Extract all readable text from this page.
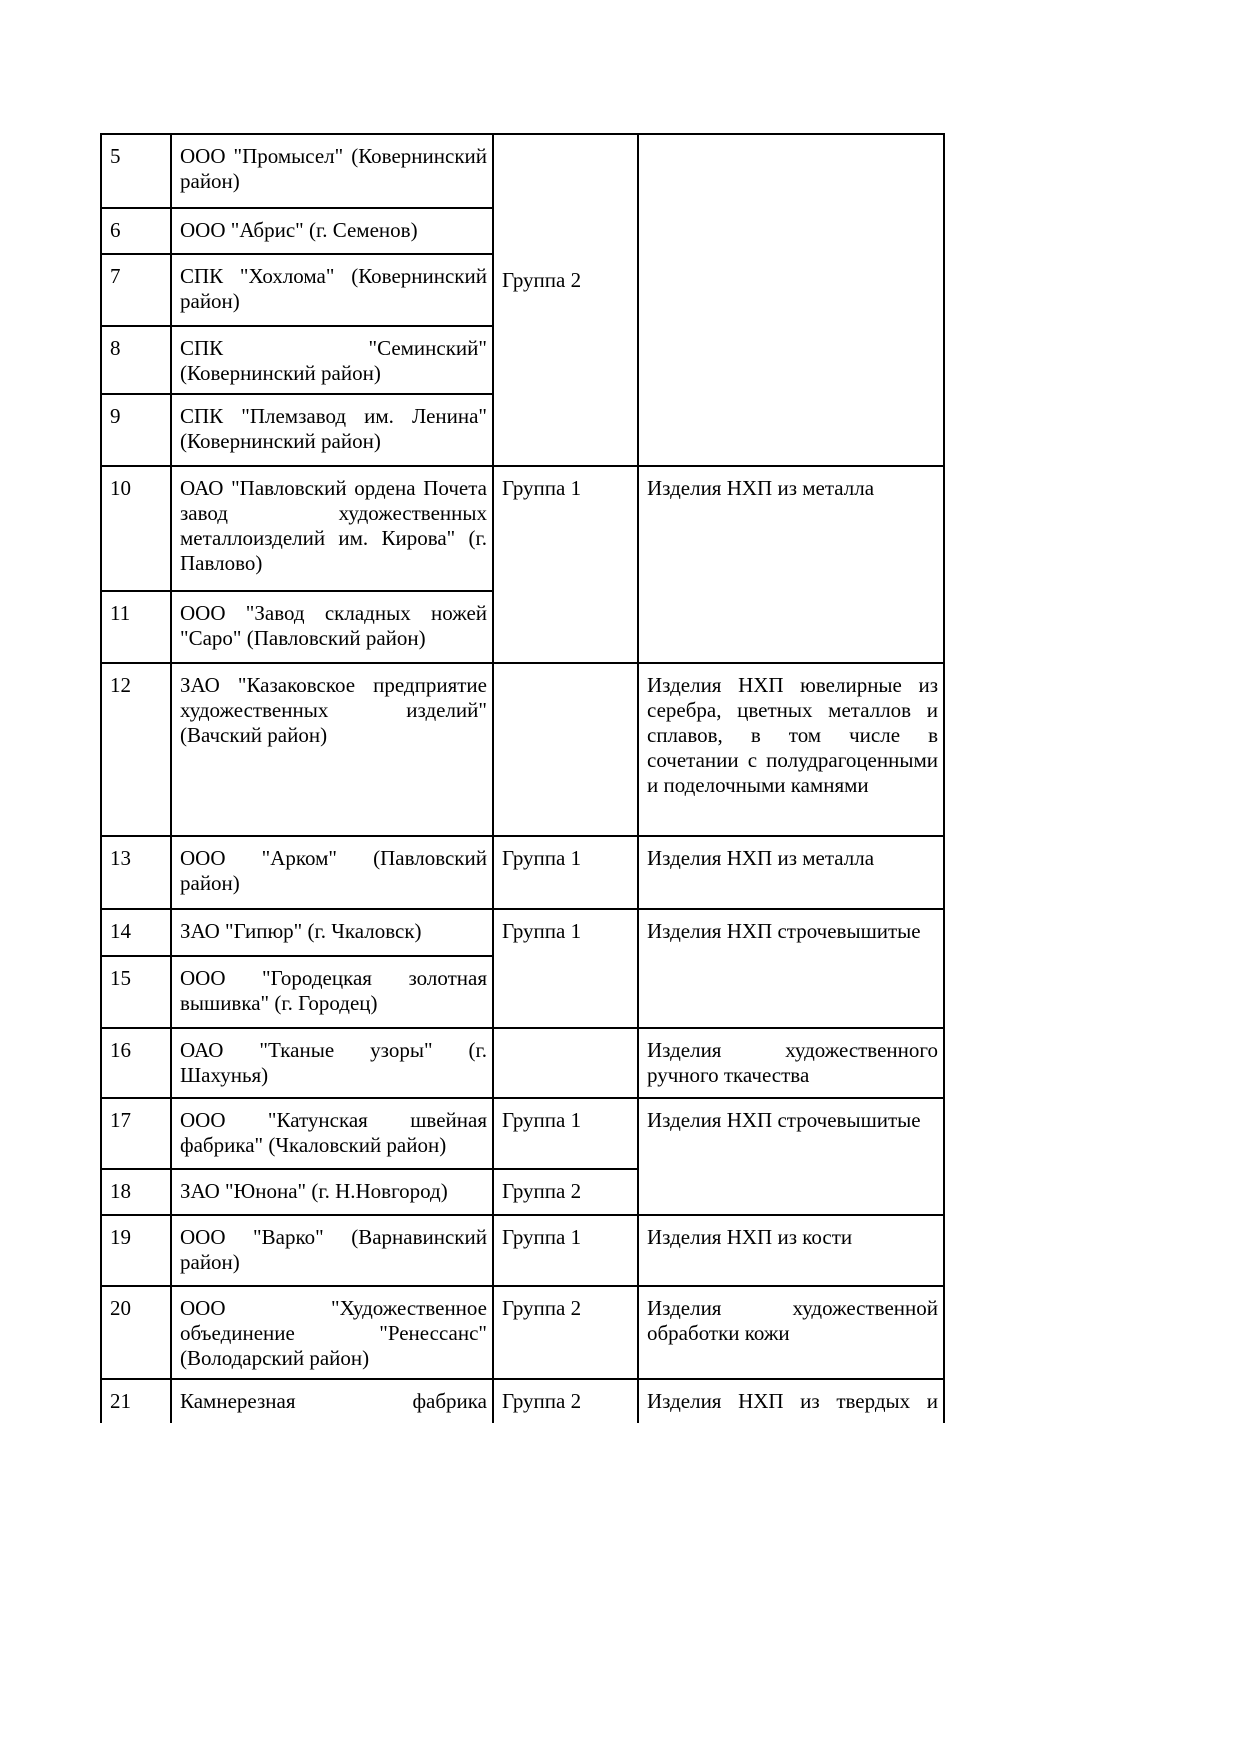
5	ООО "Промысел" (Ковернинский район)	Группа 2	
6	ООО "Абрис" (г. Семенов)		
7	СПК "Хохлома" (Ковернинский район)		
8	СПК "Семинский" (Ковернинский район)		
9	СПК "Племзавод им. Ленина" (Ковернинский район)		
10	ОАО "Павловский ордена Почета завод художественных металлоизделий им. Кирова" (г. Павлово)	Группа 1	Изделия НХП из металла
11	ООО "Завод складных ножей "Саро" (Павловский район)		
12	ЗАО "Казаковское предприятие художественных изделий" (Вачский район)		Изделия НХП ювелирные из серебра, цветных металлов и сплавов, в том числе в сочетании с полудрагоценными и поделочными камнями
13	ООО "Арком" (Павловский район)	Группа 1	Изделия НХП из металла
14	ЗАО "Гипюр" (г. Чкаловск)	Группа 1	Изделия НХП строчевышитые
15	ООО "Городецкая золотная вышивка" (г. Городец)		
16	ОАО "Тканые узоры" (г. Шахунья)		Изделия художественного ручного ткачества
17	ООО "Катунская швейная фабрика" (Чкаловский район)	Группа 1	Изделия НХП строчевышитые
18	ЗАО "Юнона" (г. Н.Новгород)	Группа 2	
19	ООО "Варко" (Варнавинский район)	Группа 1	Изделия НХП из кости
20	ООО "Художественное объединение "Ренессанс" (Володарский район)	Группа 2	Изделия художественной обработки кожи
21	Камнерезная фабрика	Группа 2	Изделия НХП из твердых и
